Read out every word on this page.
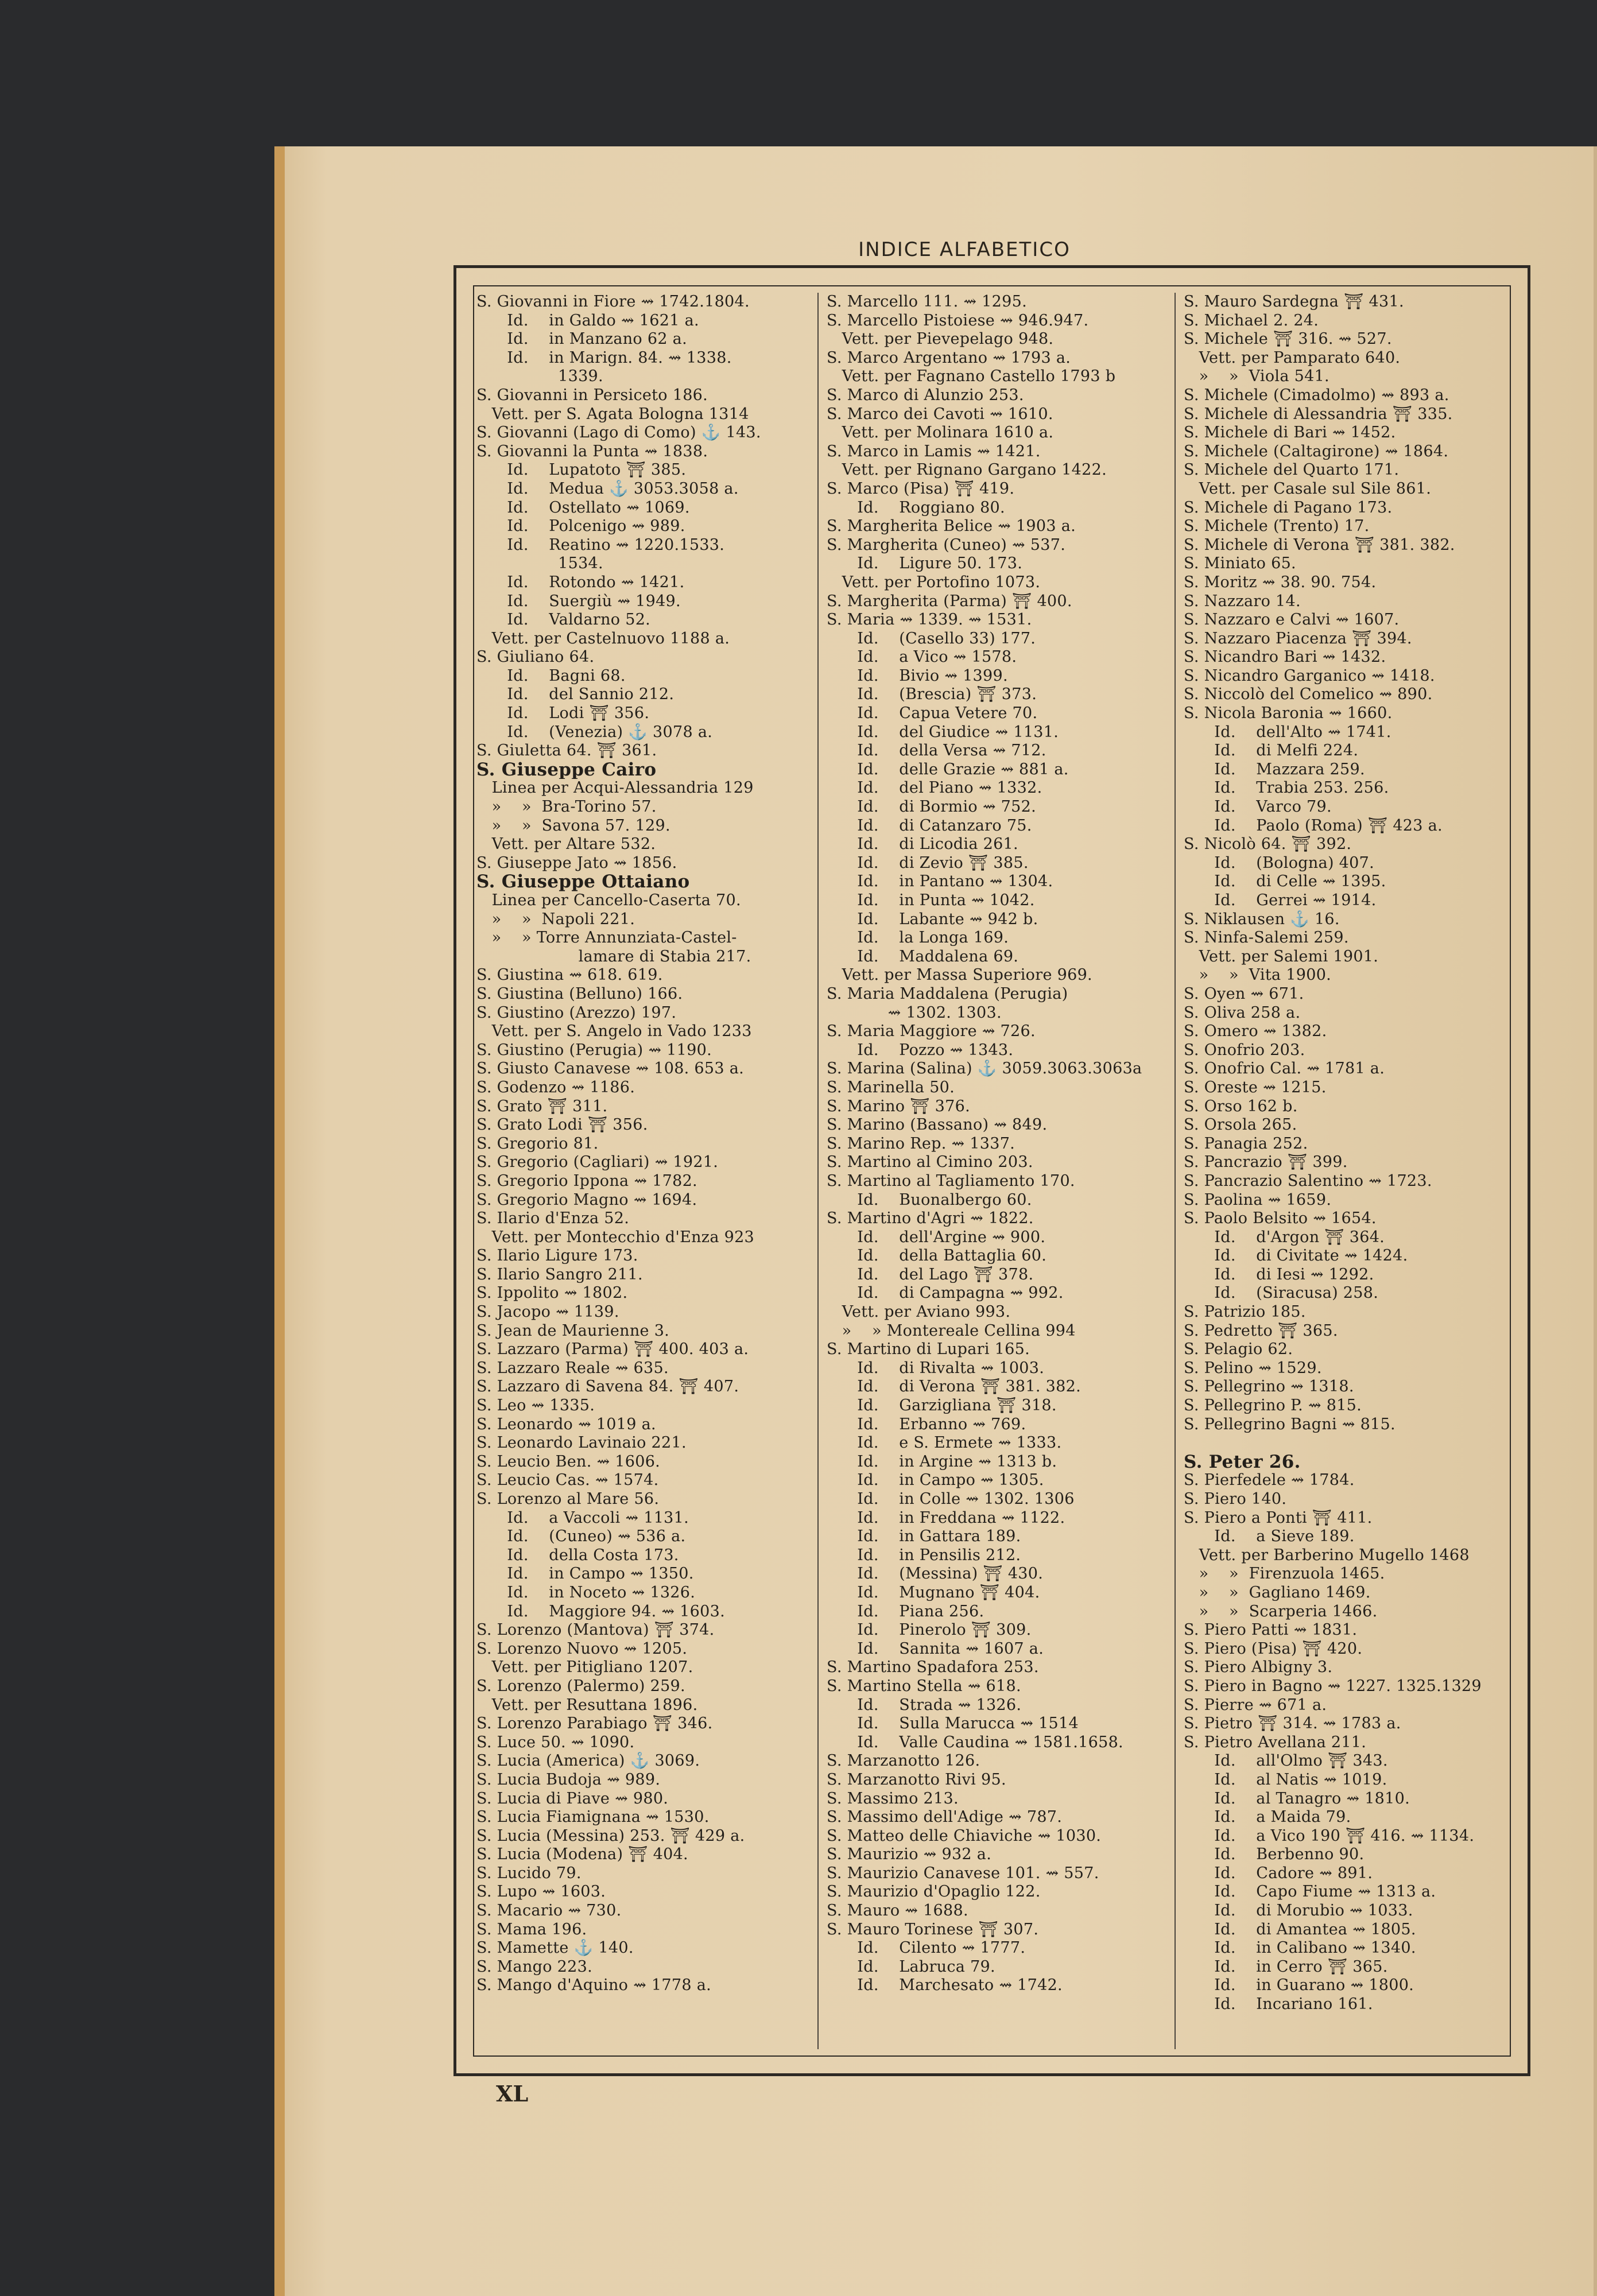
INDICE ALFABETICO
S. Giovanni in Fiore ⇝ 1742.1804.
Id.    in Galdo ⇝ 1621 a.
Id.    in Manzano 62 a.
Id.    in Marign. 84. ⇝ 1338.
1339.
S. Giovanni in Persiceto 186.
Vett. per S. Agata Bologna 1314
S. Giovanni (Lago di Como) ⚓ 143.
S. Giovanni la Punta ⇝ 1838.
Id.    Lupatoto ⛩ 385.
Id.    Medua ⚓ 3053.3058 a.
Id.    Ostellato ⇝ 1069.
Id.    Polcenigo ⇝ 989.
Id.    Reatino ⇝ 1220.1533.
1534.
Id.    Rotondo ⇝ 1421.
Id.    Suergiù ⇝ 1949.
Id.    Valdarno 52.
Vett. per Castelnuovo 1188 a.
S. Giuliano 64.
Id.    Bagni 68.
Id.    del Sannio 212.
Id.    Lodi ⛩ 356.
Id.    (Venezia) ⚓ 3078 a.
S. Giuletta 64. ⛩ 361.
S. Giuseppe Cairo
Linea per Acqui-Alessandria 129
»    »  Bra-Torino 57.
»    »  Savona 57. 129.
Vett. per Altare 532.
S. Giuseppe Jato ⇝ 1856.
S. Giuseppe Ottaiano
Linea per Cancello-Caserta 70.
»    »  Napoli 221.
»    » Torre Annunziata-Castel-
lamare di Stabia 217.
S. Giustina ⇝ 618. 619.
S. Giustina (Belluno) 166.
S. Giustino (Arezzo) 197.
Vett. per S. Angelo in Vado 1233
S. Giustino (Perugia) ⇝ 1190.
S. Giusto Canavese ⇝ 108. 653 a.
S. Godenzo ⇝ 1186.
S. Grato ⛩ 311.
S. Grato Lodi ⛩ 356.
S. Gregorio 81.
S. Gregorio (Cagliari) ⇝ 1921.
S. Gregorio Ippona ⇝ 1782.
S. Gregorio Magno ⇝ 1694.
S. Ilario d'Enza 52.
Vett. per Montecchio d'Enza 923
S. Ilario Ligure 173.
S. Ilario Sangro 211.
S. Ippolito ⇝ 1802.
S. Jacopo ⇝ 1139.
S. Jean de Maurienne 3.
S. Lazzaro (Parma) ⛩ 400. 403 a.
S. Lazzaro Reale ⇝ 635.
S. Lazzaro di Savena 84. ⛩ 407.
S. Leo ⇝ 1335.
S. Leonardo ⇝ 1019 a.
S. Leonardo Lavinaio 221.
S. Leucio Ben. ⇝ 1606.
S. Leucio Cas. ⇝ 1574.
S. Lorenzo al Mare 56.
Id.    a Vaccoli ⇝ 1131.
Id.    (Cuneo) ⇝ 536 a.
Id.    della Costa 173.
Id.    in Campo ⇝ 1350.
Id.    in Noceto ⇝ 1326.
Id.    Maggiore 94. ⇝ 1603.
S. Lorenzo (Mantova) ⛩ 374.
S. Lorenzo Nuovo ⇝ 1205.
Vett. per Pitigliano 1207.
S. Lorenzo (Palermo) 259.
Vett. per Resuttana 1896.
S. Lorenzo Parabiago ⛩ 346.
S. Luce 50. ⇝ 1090.
S. Lucia (America) ⚓ 3069.
S. Lucia Budoja ⇝ 989.
S. Lucia di Piave ⇝ 980.
S. Lucia Fiamignana ⇝ 1530.
S. Lucia (Messina) 253. ⛩ 429 a.
S. Lucia (Modena) ⛩ 404.
S. Lucido 79.
S. Lupo ⇝ 1603.
S. Macario ⇝ 730.
S. Mama 196.
S. Mamette ⚓ 140.
S. Mango 223.
S. Mango d'Aquino ⇝ 1778 a.
S. Marcello 111. ⇝ 1295.
S. Marcello Pistoiese ⇝ 946.947.
Vett. per Pievepelago 948.
S. Marco Argentano ⇝ 1793 a.
Vett. per Fagnano Castello 1793 b
S. Marco di Alunzio 253.
S. Marco dei Cavoti ⇝ 1610.
Vett. per Molinara 1610 a.
S. Marco in Lamis ⇝ 1421.
Vett. per Rignano Gargano 1422.
S. Marco (Pisa) ⛩ 419.
Id.    Roggiano 80.
S. Margherita Belice ⇝ 1903 a.
S. Margherita (Cuneo) ⇝ 537.
Id.    Ligure 50. 173.
Vett. per Portofino 1073.
S. Margherita (Parma) ⛩ 400.
S. Maria ⇝ 1339. ⇝ 1531.
Id.    (Casello 33) 177.
Id.    a Vico ⇝ 1578.
Id.    Bivio ⇝ 1399.
Id.    (Brescia) ⛩ 373.
Id.    Capua Vetere 70.
Id.    del Giudice ⇝ 1131.
Id.    della Versa ⇝ 712.
Id.    delle Grazie ⇝ 881 a.
Id.    del Piano ⇝ 1332.
Id.    di Bormio ⇝ 752.
Id.    di Catanzaro 75.
Id.    di Licodia 261.
Id.    di Zevio ⛩ 385.
Id.    in Pantano ⇝ 1304.
Id.    in Punta ⇝ 1042.
Id.    Labante ⇝ 942 b.
Id.    la Longa 169.
Id.    Maddalena 69.
Vett. per Massa Superiore 969.
S. Maria Maddalena (Perugia)
⇝ 1302. 1303.
S. Maria Maggiore ⇝ 726.
Id.    Pozzo ⇝ 1343.
S. Marina (Salina) ⚓ 3059.3063.3063a
S. Marinella 50.
S. Marino ⛩ 376.
S. Marino (Bassano) ⇝ 849.
S. Marino Rep. ⇝ 1337.
S. Martino al Cimino 203.
S. Martino al Tagliamento 170.
Id.    Buonalbergo 60.
S. Martino d'Agri ⇝ 1822.
Id.    dell'Argine ⇝ 900.
Id.    della Battaglia 60.
Id.    del Lago ⛩ 378.
Id.    di Campagna ⇝ 992.
Vett. per Aviano 993.
»    » Montereale Cellina 994
S. Martino di Lupari 165.
Id.    di Rivalta ⇝ 1003.
Id.    di Verona ⛩ 381. 382.
Id.    Garzigliana ⛩ 318.
Id.    Erbanno ⇝ 769.
Id.    e S. Ermete ⇝ 1333.
Id.    in Argine ⇝ 1313 b.
Id.    in Campo ⇝ 1305.
Id.    in Colle ⇝ 1302. 1306
Id.    in Freddana ⇝ 1122.
Id.    in Gattara 189.
Id.    in Pensilis 212.
Id.    (Messina) ⛩ 430.
Id.    Mugnano ⛩ 404.
Id.    Piana 256.
Id.    Pinerolo ⛩ 309.
Id.    Sannita ⇝ 1607 a.
S. Martino Spadafora 253.
S. Martino Stella ⇝ 618.
Id.    Strada ⇝ 1326.
Id.    Sulla Marucca ⇝ 1514
Id.    Valle Caudina ⇝ 1581.1658.
S. Marzanotto 126.
S. Marzanotto Rivi 95.
S. Massimo 213.
S. Massimo dell'Adige ⇝ 787.
S. Matteo delle Chiaviche ⇝ 1030.
S. Maurizio ⇝ 932 a.
S. Maurizio Canavese 101. ⇝ 557.
S. Maurizio d'Opaglio 122.
S. Mauro ⇝ 1688.
S. Mauro Torinese ⛩ 307.
Id.    Cilento ⇝ 1777.
Id.    Labruca 79.
Id.    Marchesato ⇝ 1742.
S. Mauro Sardegna ⛩ 431.
S. Michael 2. 24.
S. Michele ⛩ 316. ⇝ 527.
Vett. per Pamparato 640.
»    »  Viola 541.
S. Michele (Cimadolmo) ⇝ 893 a.
S. Michele di Alessandria ⛩ 335.
S. Michele di Bari ⇝ 1452.
S. Michele (Caltagirone) ⇝ 1864.
S. Michele del Quarto 171.
Vett. per Casale sul Sile 861.
S. Michele di Pagano 173.
S. Michele (Trento) 17.
S. Michele di Verona ⛩ 381. 382.
S. Miniato 65.
S. Moritz ⇝ 38. 90. 754.
S. Nazzaro 14.
S. Nazzaro e Calvi ⇝ 1607.
S. Nazzaro Piacenza ⛩ 394.
S. Nicandro Bari ⇝ 1432.
S. Nicandro Garganico ⇝ 1418.
S. Niccolò del Comelico ⇝ 890.
S. Nicola Baronia ⇝ 1660.
Id.    dell'Alto ⇝ 1741.
Id.    di Melfi 224.
Id.    Mazzara 259.
Id.    Trabia 253. 256.
Id.    Varco 79.
Id.    Paolo (Roma) ⛩ 423 a.
S. Nicolò 64. ⛩ 392.
Id.    (Bologna) 407.
Id.    di Celle ⇝ 1395.
Id.    Gerrei ⇝ 1914.
S. Niklausen ⚓ 16.
S. Ninfa-Salemi 259.
Vett. per Salemi 1901.
»    »  Vita 1900.
S. Oyen ⇝ 671.
S. Oliva 258 a.
S. Omero ⇝ 1382.
S. Onofrio 203.
S. Onofrio Cal. ⇝ 1781 a.
S. Oreste ⇝ 1215.
S. Orso 162 b.
S. Orsola 265.
S. Panagia 252.
S. Pancrazio ⛩ 399.
S. Pancrazio Salentino ⇝ 1723.
S. Paolina ⇝ 1659.
S. Paolo Belsito ⇝ 1654.
Id.    d'Argon ⛩ 364.
Id.    di Civitate ⇝ 1424.
Id.    di Iesi ⇝ 1292.
Id.    (Siracusa) 258.
S. Patrizio 185.
S. Pedretto ⛩ 365.
S. Pelagio 62.
S. Pelino ⇝ 1529.
S. Pellegrino ⇝ 1318.
S. Pellegrino P. ⇝ 815.
S. Pellegrino Bagni ⇝ 815.
S. Peter 26.
S. Pierfedele ⇝ 1784.
S. Piero 140.
S. Piero a Ponti ⛩ 411.
Id.    a Sieve 189.
Vett. per Barberino Mugello 1468
»    »  Firenzuola 1465.
»    »  Gagliano 1469.
»    »  Scarperia 1466.
S. Piero Patti ⇝ 1831.
S. Piero (Pisa) ⛩ 420.
S. Piero Albigny 3.
S. Piero in Bagno ⇝ 1227. 1325.1329
S. Pierre ⇝ 671 a.
S. Pietro ⛩ 314. ⇝ 1783 a.
S. Pietro Avellana 211.
Id.    all'Olmo ⛩ 343.
Id.    al Natis ⇝ 1019.
Id.    al Tanagro ⇝ 1810.
Id.    a Maida 79.
Id.    a Vico 190 ⛩ 416. ⇝ 1134.
Id.    Berbenno 90.
Id.    Cadore ⇝ 891.
Id.    Capo Fiume ⇝ 1313 a.
Id.    di Morubio ⇝ 1033.
Id.    di Amantea ⇝ 1805.
Id.    in Calibano ⇝ 1340.
Id.    in Cerro ⛩ 365.
Id.    in Guarano ⇝ 1800.
Id.    Incariano 161.
XL
